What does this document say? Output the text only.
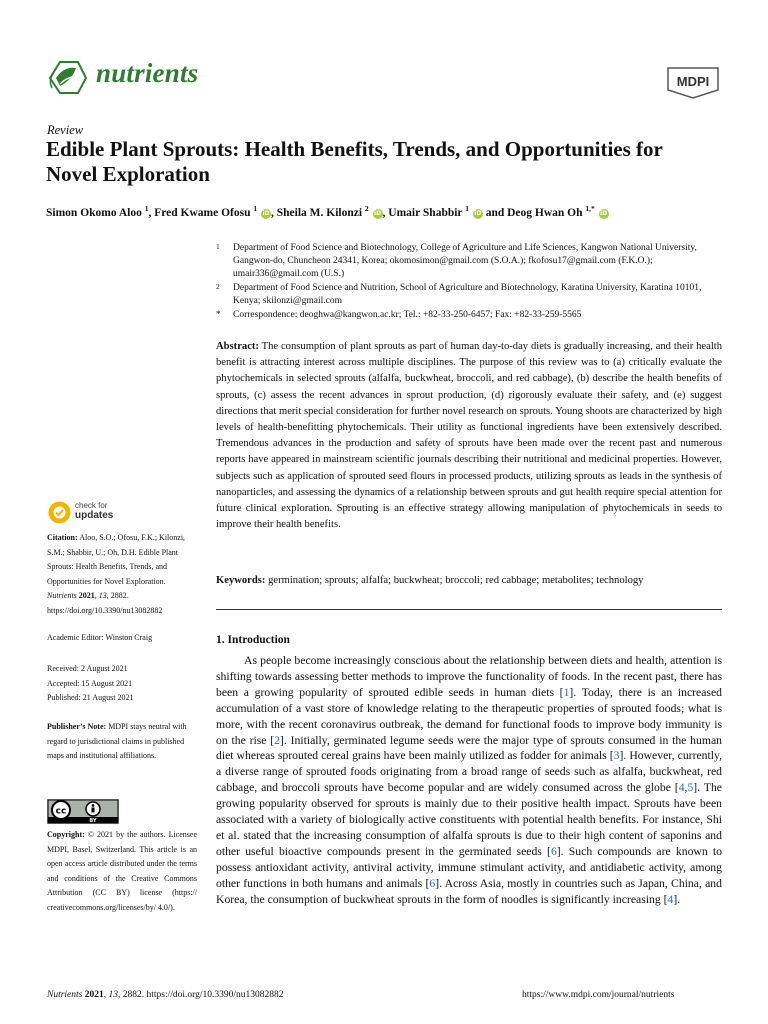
nutrients	MDPI
Review
Edible Plant Sprouts: Health Benefits, Trends, and Opportunities for Novel Exploration
Simon Okomo Aloo $^1$, Fred Kwame Ofosu $^1$ iD, Sheila M. Kilonzi $^2$ iD, Umair Shabbir $^1$ iD and Deog Hwan Oh $^{1,*}$ iD
1 Department of Food Science and Biotechnology, College of Agriculture and Life Sciences, Kangwon National University, Gangwon-do, Chuncheon 24341, Korea; okomosimon@gmail.com (S.O.A.); fkofosu17@gmail.com (F.K.O.); umair336@gmail.com (U.S.)
2 Department of Food Science and Nutrition, School of Agriculture and Biotechnology, Karatina University, Karatina 10101, Kenya; skilonzi@gmail.com
* Correspondence: deoghwa@kangwon.ac.kr; Tel.: +82-33-250-6457; Fax: +82-33-259-5565
Abstract: The consumption of plant sprouts as part of human day-to-day diets is gradually increasing, and their health benefit is attracting interest across multiple disciplines. The purpose of this review was to (a) critically evaluate the phytochemicals in selected sprouts (alfalfa, buckwheat, broccoli, and red cabbage), (b) describe the health benefits of sprouts, (c) assess the recent advances in sprout production, (d) rigorously evaluate their safety, and (e) suggest directions that merit special consideration for further novel research on sprouts. Young shoots are characterized by high levels of health-benefitting phytochemicals. Their utility as functional ingredients have been extensively described. Tremendous advances in the production and safety of sprouts have been made over the recent past and numerous reports have appeared in mainstream scientific journals describing their nutritional and medicinal properties. However, subjects such as application of sprouted seed flours in processed products, utilizing sprouts as leads in the synthesis of nanoparticles, and assessing the dynamics of a relationship between sprouts and gut health require special attention for future clinical exploration. Sprouting is an effective strategy allowing manipulation of phytochemicals in seeds to improve their health benefits.
Keywords: germination; sprouts; alfalfa; buckwheat; broccoli; red cabbage; metabolites; technology
1. Introduction
As people become increasingly conscious about the relationship between diets and health, attention is shifting towards assessing better methods to improve the functionality of foods. In the recent past, there has been a growing popularity of sprouted edible seeds in human diets [1]. Today, there is an increased accumulation of a vast store of knowledge relating to the therapeutic properties of sprouted foods; what is more, with the recent coronavirus outbreak, the demand for functional foods to improve body immunity is on the rise [2]. Initially, germinated legume seeds were the major type of sprouts consumed in the human diet whereas sprouted cereal grains have been mainly utilized as fodder for animals [3]. However, currently, a diverse range of sprouted foods originating from a broad range of seeds such as alfalfa, buckwheat, red cabbage, and broccoli sprouts have become popular and are widely consumed across the globe [4,5]. The growing popularity observed for sprouts is mainly due to their positive health impact. Sprouts have been associated with a variety of biologically active constituents with potential health benefits. For instance, Shi et al. stated that the increasing consumption of alfalfa sprouts is due to their high content of saponins and other useful bioactive compounds present in the germinated seeds [6]. Such compounds are known to possess antioxidant activity, antiviral activity, immune stimulant activity, and antidiabetic activity, among other functions in both humans and animals [6]. Across Asia, mostly in countries such as Japan, China, and Korea, the consumption of buckwheat sprouts in the form of noodles is significantly increasing [4].
check for
updates
Citation: Aloo, S.O.; Ofosu, F.K.; Kilonzi, S.M.; Shabbir, U.; Oh, D.H. Edible Plant Sprouts: Health Benefits, Trends, and Opportunities for Novel Exploration. Nutrients 2021, 13, 2882. https://doi.org/10.3390/nu13082882
Academic Editor: Winston Craig
Received: 2 August 2021
Accepted: 15 August 2021
Published: 21 August 2021
Publisher’s Note: MDPI stays neutral with regard to jurisdictional claims in published maps and institutional affiliations.
cc
BY
Copyright: © 2021 by the authors. Licensee MDPI, Basel, Switzerland. This article is an open access article distributed under the terms and conditions of the Creative Commons Attribution (CC BY) license (https:// creativecommons.org/licenses/by/ 4.0/).
Nutrients 2021, 13, 2882. https://doi.org/10.3390/nu13082882	https://www.mdpi.com/journal/nutrients
